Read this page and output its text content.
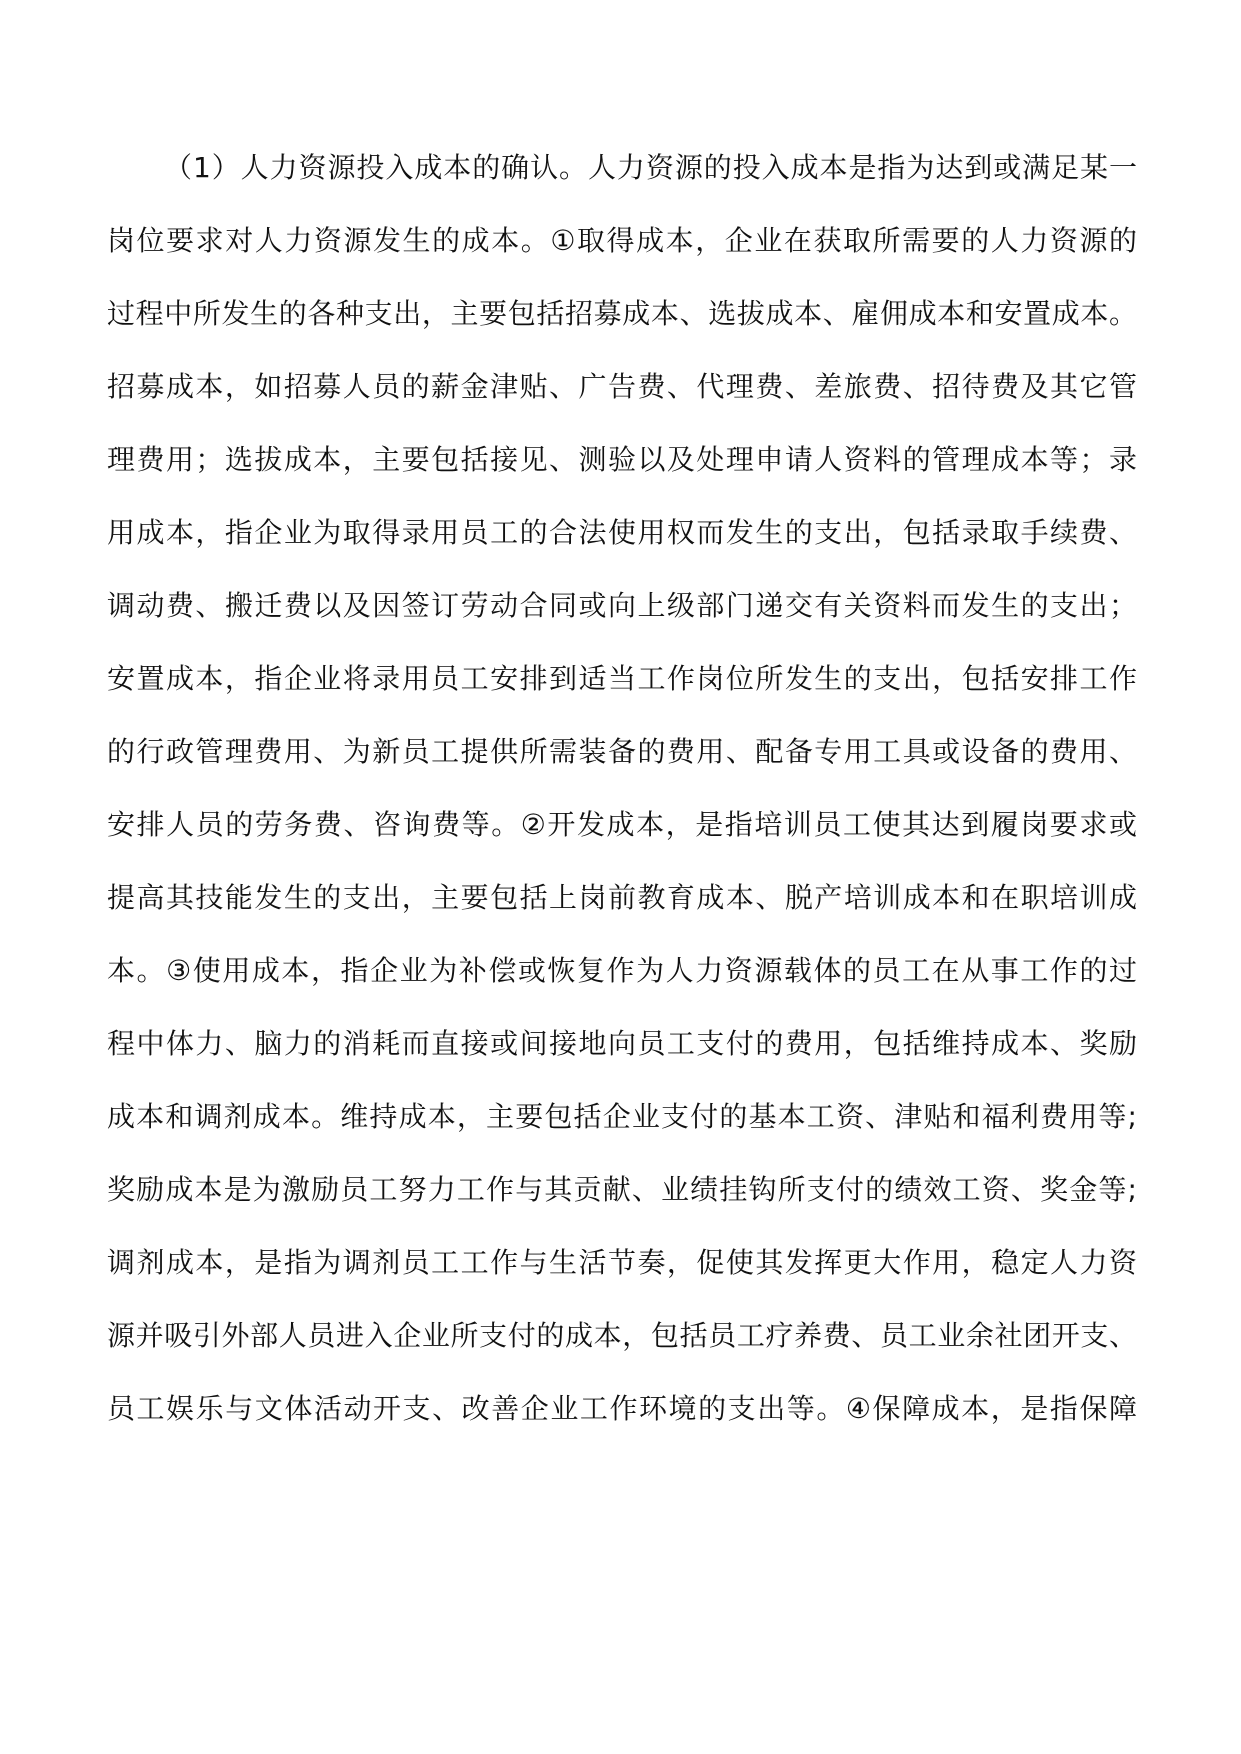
（1）人力资源投入成本的确认。人力资源的投入成本是指为达到或满足某一
岗位要求对人力资源发生的成本。①取得成本，企业在获取所需要的人力资源的
过程中所发生的各种支出，主要包括招募成本、选拔成本、雇佣成本和安置成本。
招募成本，如招募人员的薪金津贴、广告费、代理费、差旅费、招待费及其它管
理费用；选拔成本，主要包括接见、测验以及处理申请人资料的管理成本等；录
用成本，指企业为取得录用员工的合法使用权而发生的支出，包括录取手续费、
调动费、搬迁费以及因签订劳动合同或向上级部门递交有关资料而发生的支出；
安置成本，指企业将录用员工安排到适当工作岗位所发生的支出，包括安排工作
的行政管理费用、为新员工提供所需装备的费用、配备专用工具或设备的费用、
安排人员的劳务费、咨询费等。②开发成本，是指培训员工使其达到履岗要求或
提高其技能发生的支出，主要包括上岗前教育成本、脱产培训成本和在职培训成
本。③使用成本，指企业为补偿或恢复作为人力资源载体的员工在从事工作的过
程中体力、脑力的消耗而直接或间接地向员工支付的费用，包括维持成本、奖励
成本和调剂成本。维持成本，主要包括企业支付的基本工资、津贴和福利费用等;
奖励成本是为激励员工努力工作与其贡献、业绩挂钩所支付的绩效工资、奖金等;
调剂成本，是指为调剂员工工作与生活节奏，促使其发挥更大作用，稳定人力资
源并吸引外部人员进入企业所支付的成本，包括员工疗养费、员工业余社团开支、
员工娱乐与文体活动开支、改善企业工作环境的支出等。④保障成本，是指保障
